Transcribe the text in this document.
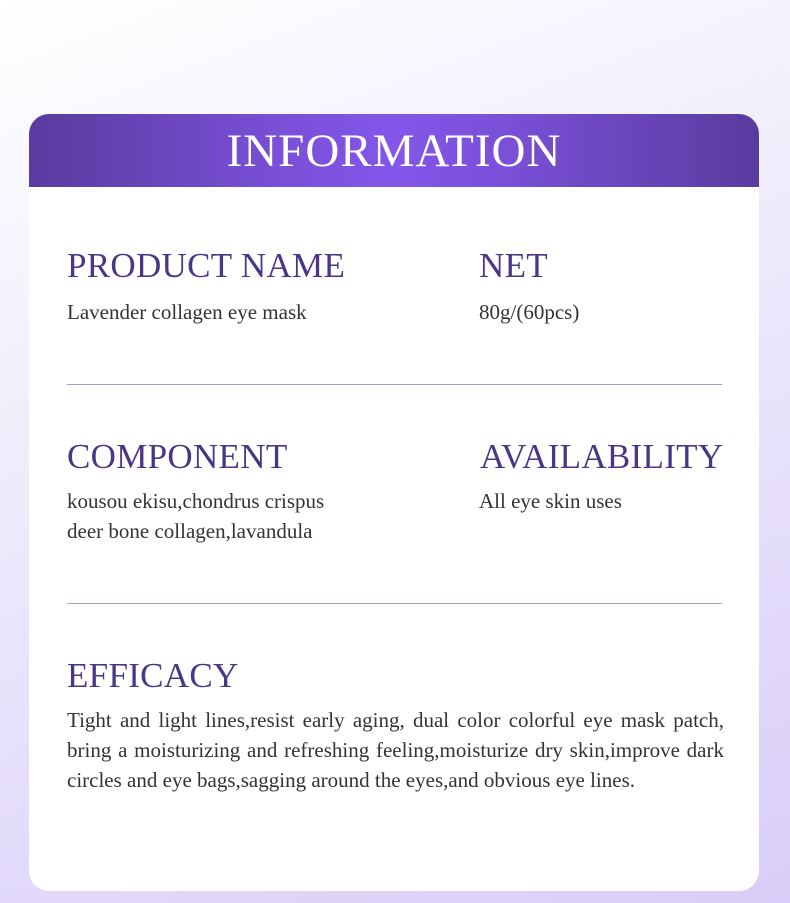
INFORMATION
PRODUCT NAME
Lavender collagen eye mask
NET
80g/(60pcs)
COMPONENT
kousou ekisu,chondrus crispus
deer bone collagen,lavandula
AVAILABILITY
All eye skin uses
EFFICACY
Tight and light lines,resist early aging, dual color colorful eye mask patch, bring a moisturizing and refreshing feeling,moisturize dry skin,improve dark circles and eye bags,sagging around the eyes,and obvious eye lines.
